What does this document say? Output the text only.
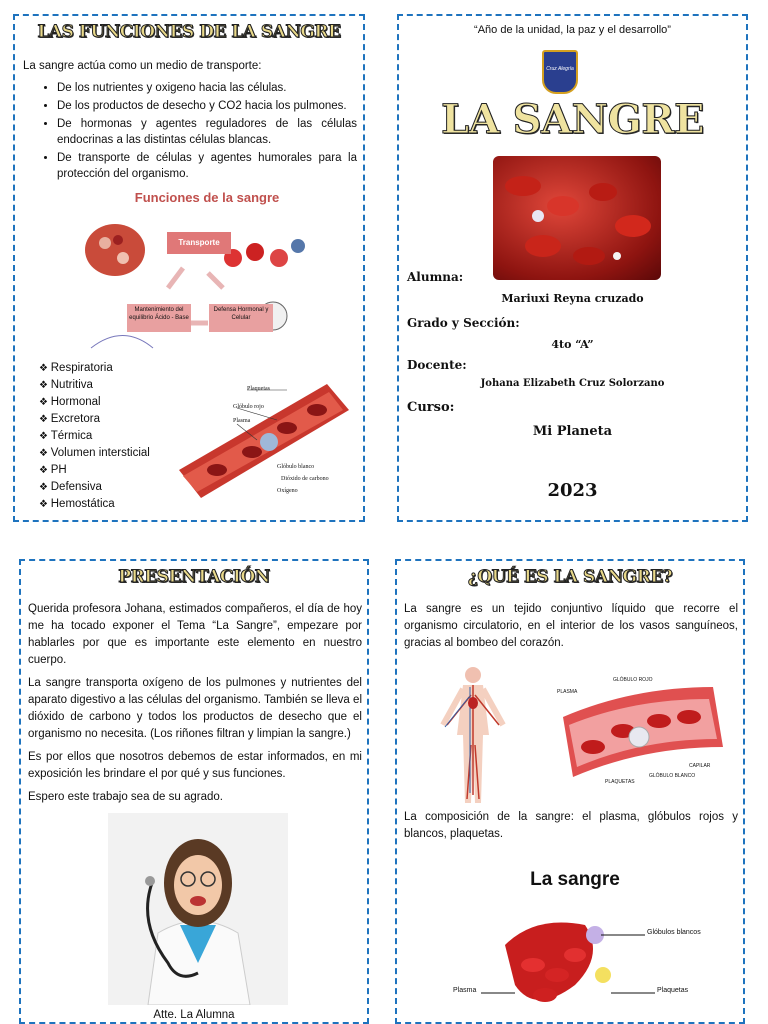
LAS FUNCIONES DE LA SANGRE
La sangre actúa como un medio de transporte:
• De los nutrientes y oxigeno hacia las células.
• De los productos de desecho y CO2 hacia los pulmones.
• De hormonas y agentes reguladores de las células endocrinas a las distintas células blancas.
• De transporte de células y agentes humorales para la protección del organismo.
Funciones de la sangre
Transporte
Mantenimiento del equilibrio Ácido - Base
Defensa Hormonal y Celular
❖ Respiratoria
❖ Nutritiva
❖ Hormonal
❖ Excretora
❖ Térmica
❖ Volumen intersticial
❖ PH
❖ Defensiva
❖ Hemostática
Plaquetas
Glóbulo rojo
Plasma
Glóbulo blanco
Dióxido de carbono
Oxígeno
“Año de la unidad, la paz y el desarrollo”
Cruz Alegría
LA SANGRE
Alumna:
Mariuxi Reyna cruzado
Grado y Sección:
4to “A”
Docente:
Johana Elizabeth Cruz Solorzano
Curso:
Mi Planeta
2023
PRESENTACIÓN

Querida profesora Johana, estimados compañeros, el día de hoy me ha tocado exponer el Tema “La Sangre”, empezare por hablarles por que es importante este elemento en nuestro cuerpo.

La sangre transporta oxígeno de los pulmones y nutrientes del aparato digestivo a las células del organismo. También se lleva el dióxido de carbono y todos los productos de desecho que el organismo no necesita. (Los riñones filtran y limpian la sangre.)

Es por ellos que nosotros debemos de estar informados, en mi exposición les brindare el por qué y sus funciones.

Espero este trabajo sea de su agrado.

Atte. La Alumna
¿QUÉ ES LA SANGRE?

La sangre es un tejido conjuntivo líquido que recorre el organismo circulatorio, en el interior de los vasos sanguíneos, gracias al bombeo del corazón.

PLASMA
GLÓBULO ROJO
CAPILAR
PLAQUETAS
GLÓBULO BLANCO

La composición de la sangre: el plasma, glóbulos rojos y blancos, plaquetas.

La sangre
Glóbulos blancos
Plasma	Plaquetas
